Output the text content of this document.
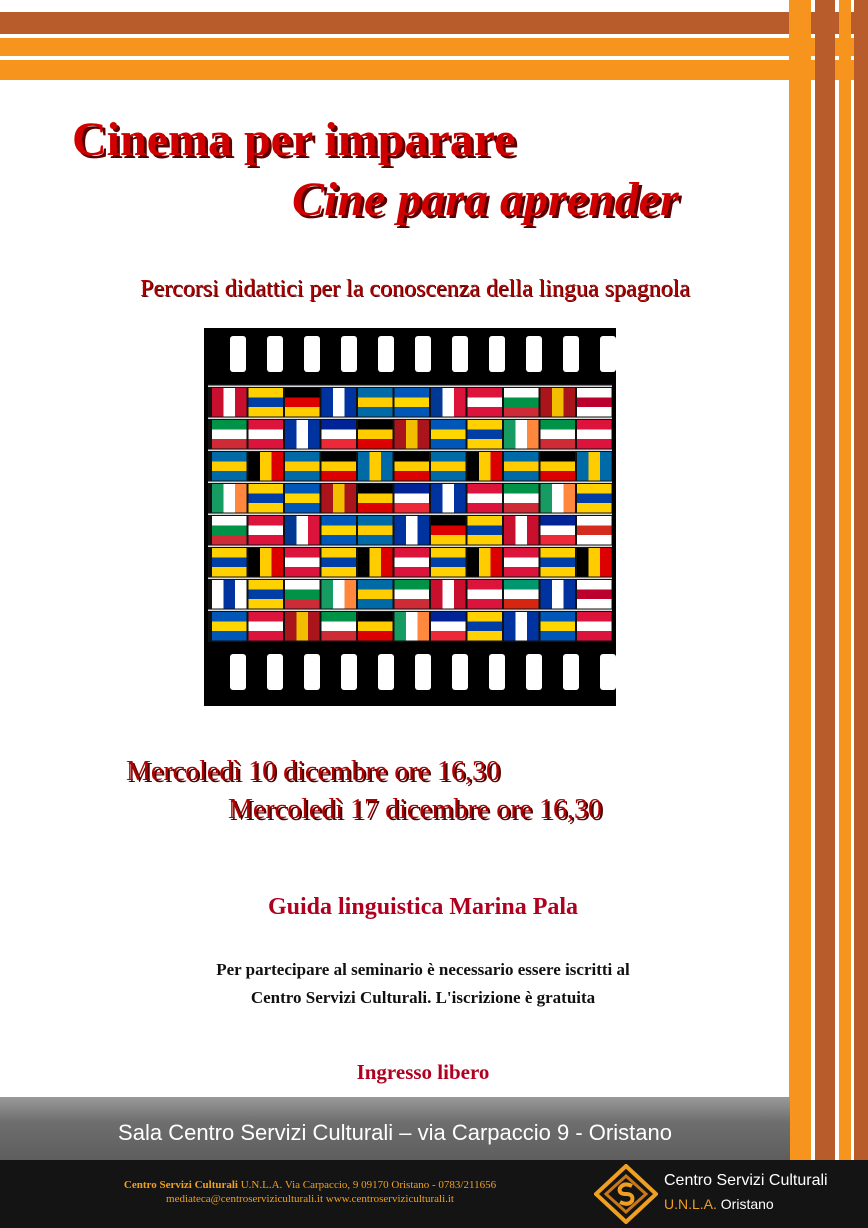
Cinema per imparare
Cine para aprender
Percorsi didattici per la conoscenza della lingua spagnola
Mercoledì 10 dicembre ore 16,30
Mercoledì 17 dicembre ore 16,30
Guida linguistica Marina Pala
Per partecipare al seminario è necessario essere iscritti al
Centro Servizi Culturali. L'iscrizione è gratuita
Ingresso libero
Sala Centro Servizi Culturali – via Carpaccio 9 - Oristano
Centro Servizi Culturali U.N.L.A. Via Carpaccio, 9 09170 Oristano - 0783/211656
mediateca@centroserviziculturali.it www.centroserviziculturali.it
Centro Servizi Culturali
U.N.L.A. Oristano
